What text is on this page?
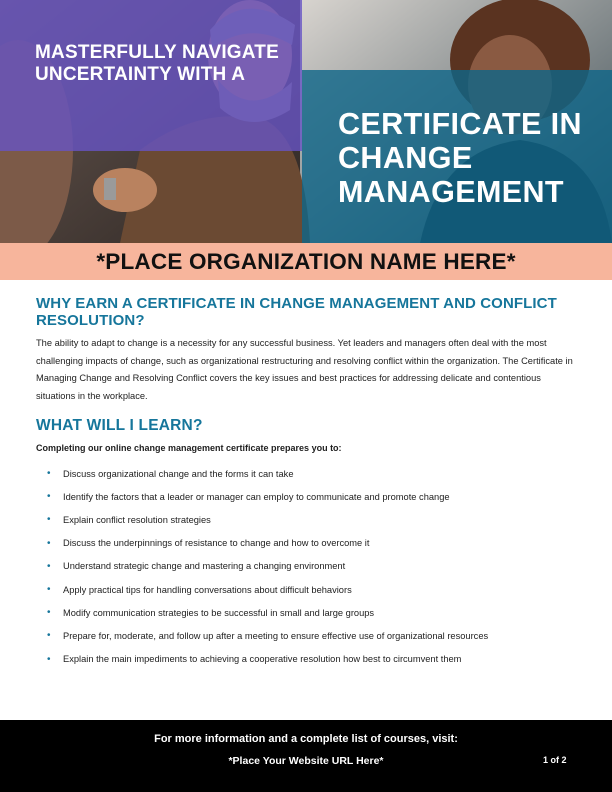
MASTERFULLY NAVIGATE UNCERTAINTY WITH A
CERTIFICATE IN CHANGE MANAGEMENT
*PLACE ORGANIZATION NAME HERE*
WHY EARN A CERTIFICATE IN CHANGE MANAGEMENT AND CONFLICT RESOLUTION?

The ability to adapt to change is a necessity for any successful business. Yet leaders and managers often deal with the most challenging impacts of change, such as organizational restructuring and resolving conflict within the organization. The Certificate in Managing Change and Resolving Conflict covers the key issues and best practices for addressing delicate and contentious situations in the workplace.

WHAT WILL I LEARN?
Completing our online change management certificate prepares you to:
•	Discuss organizational change and the forms it can take
•	Identify the factors that a leader or manager can employ to communicate and promote change
•	Explain conflict resolution strategies
•	Discuss the underpinnings of resistance to change and how to overcome it
•	Understand strategic change and mastering a changing environment
•	Apply practical tips for handling conversations about difficult behaviors
•	Modify communication strategies to be successful in small and large groups
•	Prepare for, moderate, and follow up after a meeting to ensure effective use of organizational resources
•	Explain the main impediments to achieving a cooperative resolution how best to circumvent them
For more information and a complete list of courses, visit:
*Place Your Website URL Here*	1 of 2
